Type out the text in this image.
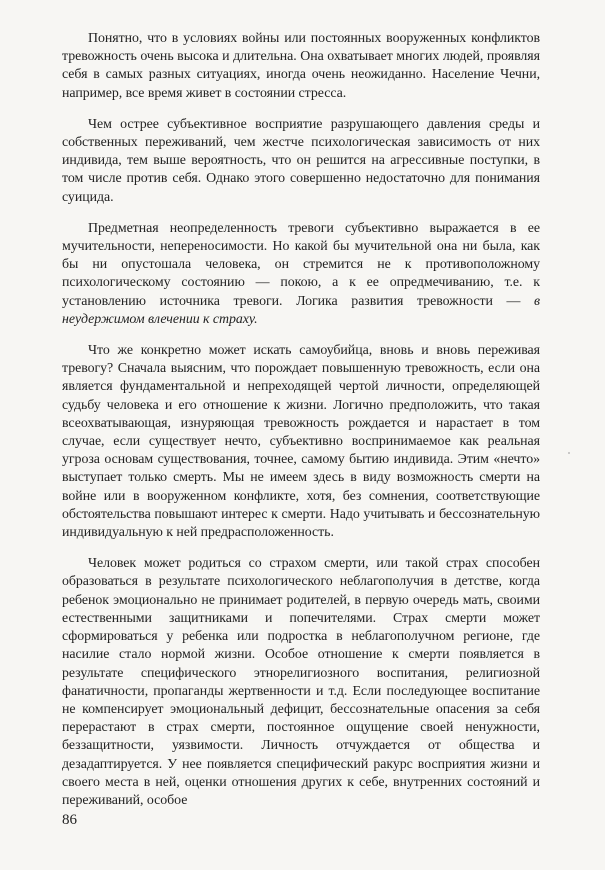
Понятно, что в условиях войны или постоянных вооруженных конфликтов тревожность очень высока и длительна. Она охватывает многих людей, проявляя себя в самых разных ситуациях, иногда очень неожиданно. Население Чечни, например, все время живет в состоянии стресса.

Чем острее субъективное восприятие разрушающего давления среды и собственных переживаний, чем жестче психологическая зависимость от них индивида, тем выше вероятность, что он решится на агрессивные поступки, в том числе против себя. Однако этого совершенно недостаточно для понимания суицида.

Предметная неопределенность тревоги субъективно выражается в ее мучительности, непереносимости. Но какой бы мучительной она ни была, как бы ни опустошала человека, он стремится не к противоположному психологическому состоянию — покою, а к ее опредмечиванию, т.е. к установлению источника тревоги. Логика развития тревожности — в неудержимом влечении к страху.

Что же конкретно может искать самоубийца, вновь и вновь переживая тревогу? Сначала выясним, что порождает повышенную тревожность, если она является фундаментальной и непреходящей чертой личности, определяющей судьбу человека и его отношение к жизни. Логично предположить, что такая всеохватывающая, изнуряющая тревожность рождается и нарастает в том случае, если существует нечто, субъективно воспринимаемое как реальная угроза основам существования, точнее, самому бытию индивида. Этим «нечто» выступает только смерть. Мы не имеем здесь в виду возможность смерти на войне или в вооруженном конфликте, хотя, без сомнения, соответствующие обстоятельства повышают интерес к смерти. Надо учитывать и бессознательную индивидуальную к ней предрасположенность.

Человек может родиться со страхом смерти, или такой страх способен образоваться в результате психологического неблагополучия в детстве, когда ребенок эмоционально не принимает родителей, в первую очередь мать, своими естественными защитниками и попечителями. Страх смерти может сформироваться у ребенка или подростка в неблагополучном регионе, где насилие стало нормой жизни. Особое отношение к смерти появляется в результате специфического этнорелигиозного воспитания, религиозной фанатичности, пропаганды жертвенности и т.д. Если последующее воспитание не компенсирует эмоциональный дефицит, бессознательные опасения за себя перерастают в страх смерти, постоянное ощущение своей ненужности, беззащитности, уязвимости. Личность отчуждается от общества и дезадаптируется. У нее появляется специфический ракурс восприятия жизни и своего места в ней, оценки отношения других к себе, внутренних состояний и переживаний, особое

86
